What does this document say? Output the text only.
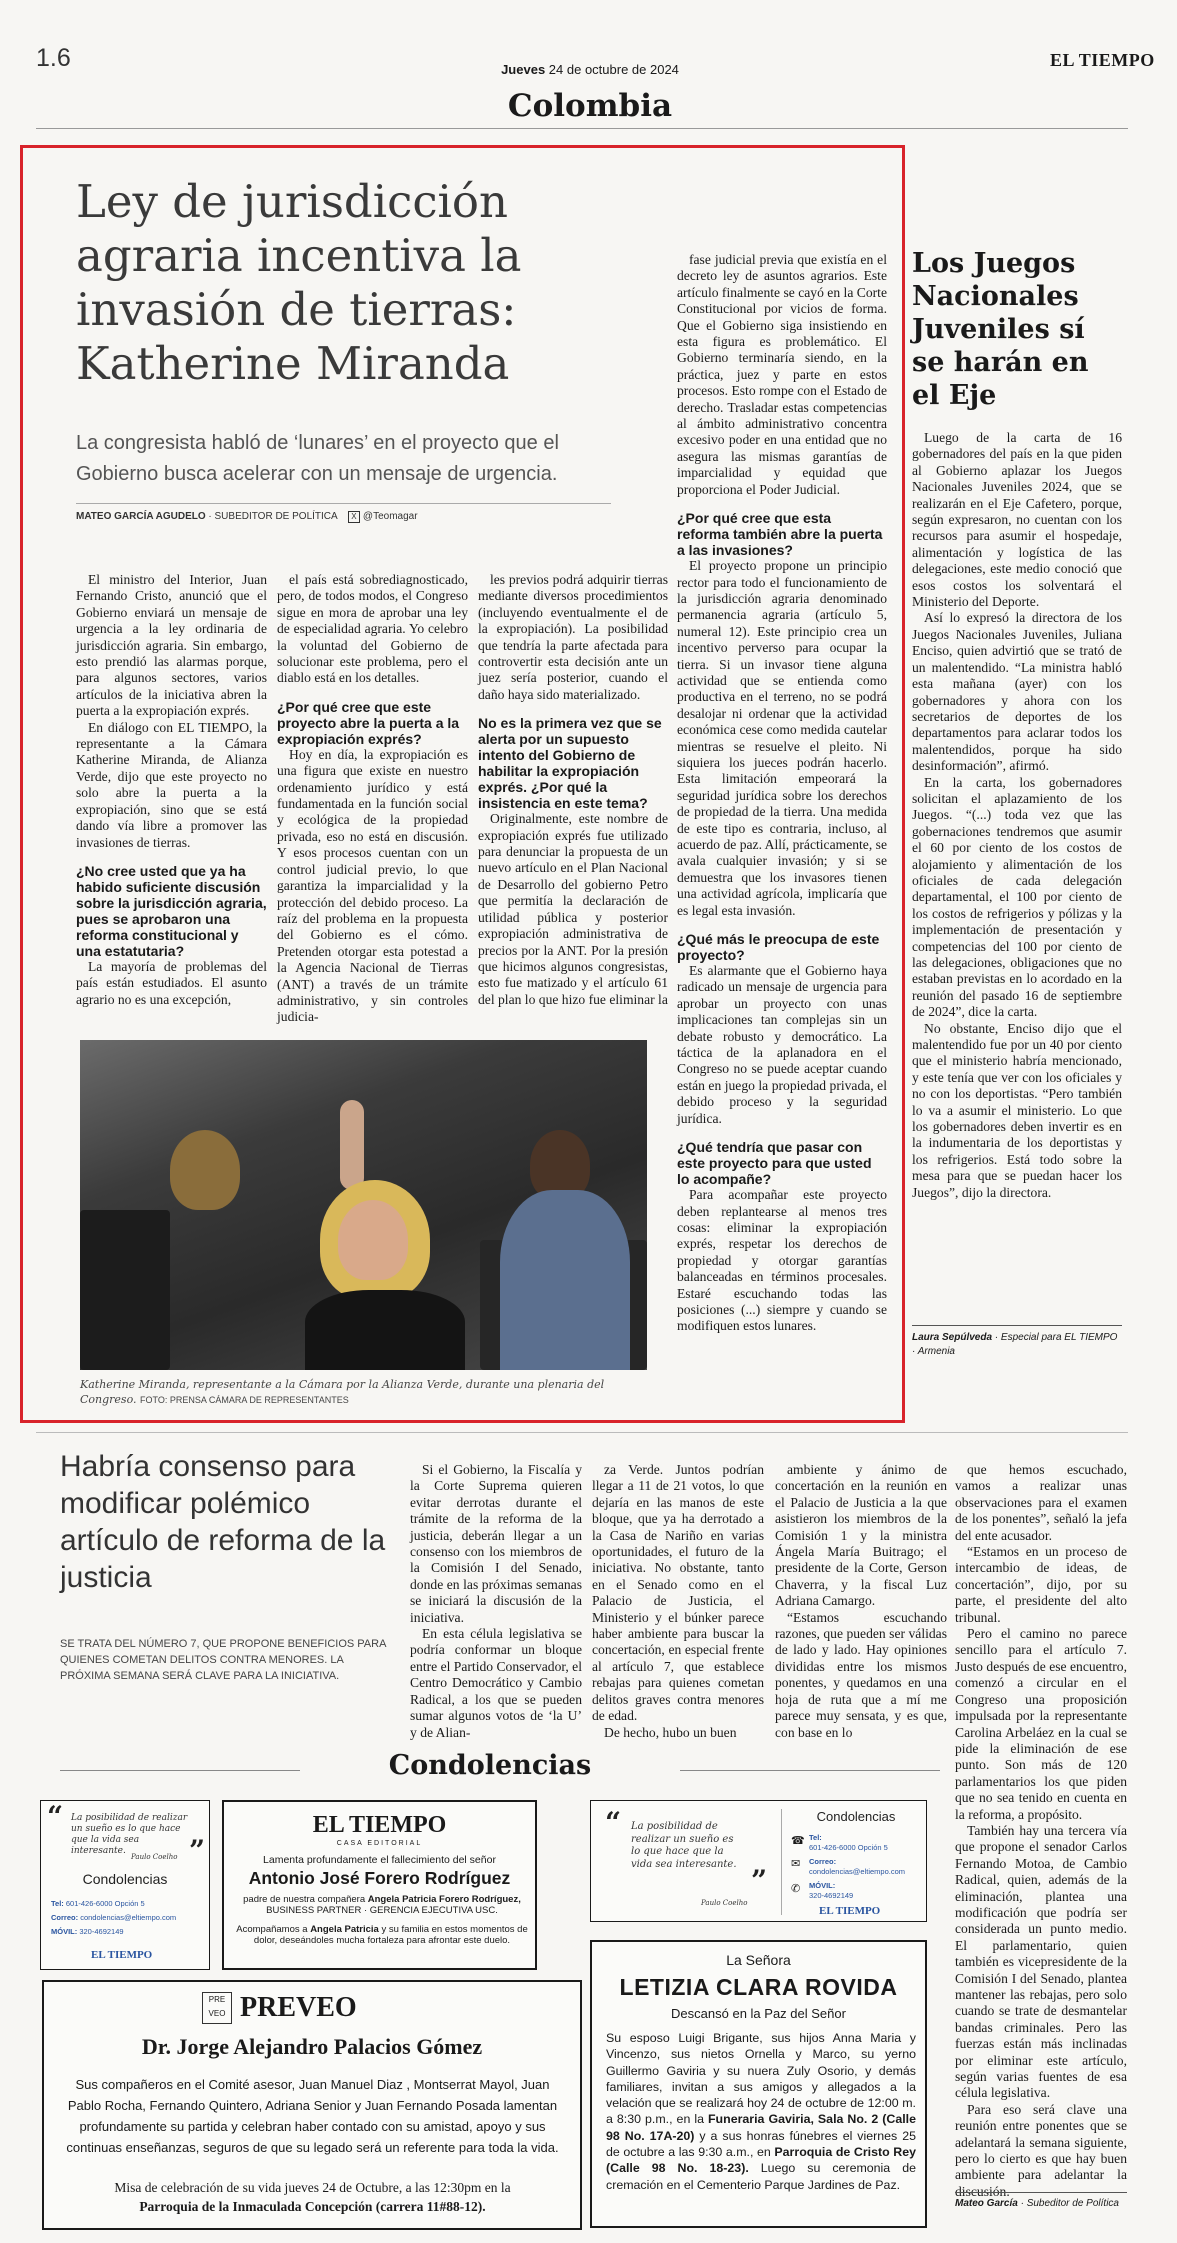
1.6	Jueves 24 de octubre de 2024	EL TIEMPO
Colombia
Ley de jurisdicción agraria incentiva la invasión de tierras: Katherine Miranda
La congresista habló de ‘lunares’ en el proyecto que el Gobierno busca acelerar con un mensaje de urgencia.
MATEO GARCÍA AGUDELO · SUBEDITOR DE POLÍTICA X @Teomagar

El ministro del Interior, Juan Fernando Cristo, anunció que el Gobierno enviará un mensaje de urgencia a la ley ordinaria de jurisdicción agraria. Sin embargo, esto prendió las alarmas porque, para algunos sectores, varios artículos de la iniciativa abren la puerta a la expropiación exprés.

En diálogo con EL TIEMPO, la representante a la Cámara Katherine Miranda, de Alianza Verde, dijo que este proyecto no solo abre la puerta a la expropiación, sino que se está dando vía libre a promover las invasiones de tierras.

¿No cree usted que ya ha habido suficiente discusión sobre la jurisdicción agraria, pues se aprobaron una reforma constitucional y una estatutaria?

La mayoría de problemas del país están estudiados. El asunto agrario no es una excepción,

el país está sobrediagnosticado, pero, de todos modos, el Congreso sigue en mora de aprobar una ley de especialidad agraria. Yo celebro la voluntad del Gobierno de solucionar este problema, pero el diablo está en los detalles.

¿Por qué cree que este proyecto abre la puerta a la expropiación exprés?

Hoy en día, la expropiación es una figura que existe en nuestro ordenamiento jurídico y está fundamentada en la función social y ecológica de la propiedad privada, eso no está en discusión. Y esos procesos cuentan con un control judicial previo, lo que garantiza la imparcialidad y la protección del debido proceso. La raíz del problema en la propuesta del Gobierno es el cómo. Pretenden otorgar esta potestad a la Agencia Nacional de Tierras (ANT) a través de un trámite administrativo, y sin controles judicia-

les previos podrá adquirir tierras mediante diversos procedimientos (incluyendo eventualmente el de la expropiación). La posibilidad que tendría la parte afectada para controvertir esta decisión ante un juez sería posterior, cuando el daño haya sido materializado.

No es la primera vez que se alerta por un supuesto intento del Gobierno de habilitar la expropiación exprés. ¿Por qué la insistencia en este tema?

Originalmente, este nombre de expropiación exprés fue utilizado para denunciar la propuesta de un nuevo artículo en el Plan Nacional de Desarrollo del gobierno Petro que permitía la declaración de utilidad pública y posterior expropiación administrativa de precios por la ANT. Por la presión que hicimos algunos congresistas, esto fue matizado y el artículo 61 del plan lo que hizo fue eliminar la

fase judicial previa que existía en el decreto ley de asuntos agrarios. Este artículo finalmente se cayó en la Corte Constitucional por vicios de forma. Que el Gobierno siga insistiendo en esta figura es problemático. El Gobierno terminaría siendo, en la práctica, juez y parte en estos procesos. Esto rompe con el Estado de derecho. Trasladar estas competencias al ámbito administrativo concentra excesivo poder en una entidad que no asegura las mismas garantías de imparcialidad y equidad que proporciona el Poder Judicial.

¿Por qué cree que esta reforma también abre la puerta a las invasiones?

El proyecto propone un principio rector para todo el funcionamiento de la jurisdicción agraria denominado permanencia agraria (artículo 5, numeral 12). Este principio crea un incentivo perverso para ocupar la tierra. Si un invasor tiene alguna actividad que se entienda como productiva en el terreno, no se podrá desalojar ni ordenar que la actividad económica cese como medida cautelar mientras se resuelve el pleito. Ni siquiera los jueces podrán hacerlo. Esta limitación empeorará la seguridad jurídica sobre los derechos de propiedad de la tierra. Una medida de este tipo es contraria, incluso, al acuerdo de paz. Allí, prácticamente, se avala cualquier invasión; y si se demuestra que los invasores tienen una actividad agrícola, implicaría que es legal esta invasión.

¿Qué más le preocupa de este proyecto?

Es alarmante que el Gobierno haya radicado un mensaje de urgencia para aprobar un proyecto con unas implicaciones tan complejas sin un debate robusto y democrático. La táctica de la aplanadora en el Congreso no se puede aceptar cuando están en juego la propiedad privada, el debido proceso y la seguridad jurídica.

¿Qué tendría que pasar con este proyecto para que usted lo acompañe?

Para acompañar este proyecto deben replantearse al menos tres cosas: eliminar la expropiación exprés, respetar los derechos de propiedad y otorgar garantías balanceadas en términos procesales. Estaré escuchando todas las posiciones (...) siempre y cuando se modifiquen estos lunares.

Katherine Miranda, representante a la Cámara por la Alianza Verde, durante una plenaria del Congreso. FOTO: PRENSA CÁMARA DE REPRESENTANTES
Los Juegos Nacionales Juveniles sí se harán en el Eje

Luego de la carta de 16 gobernadores del país en la que piden al Gobierno aplazar los Juegos Nacionales Juveniles 2024, que se realizarán en el Eje Cafetero, porque, según expresaron, no cuentan con los recursos para asumir el hospedaje, alimentación y logística de las delegaciones, este medio conoció que esos costos los solventará el Ministerio del Deporte.

Así lo expresó la directora de los Juegos Nacionales Juveniles, Juliana Enciso, quien advirtió que se trató de un malentendido. “La ministra habló esta mañana (ayer) con los gobernadores y ahora con los secretarios de deportes de los departamentos para aclarar todos los malentendidos, porque ha sido desinformación”, afirmó.

En la carta, los gobernadores solicitan el aplazamiento de los Juegos. “(...) toda vez que las gobernaciones tendremos que asumir el 60 por ciento de los costos de alojamiento y alimentación de los oficiales de cada delegación departamental, el 100 por ciento de los costos de refrigerios y pólizas y la implementación de presentación y competencias del 100 por ciento de las delegaciones, obligaciones que no estaban previstas en lo acordado en la reunión del pasado 16 de septiembre de 2024”, dice la carta.

No obstante, Enciso dijo que el malentendido fue por un 40 por ciento que el ministerio habría mencionado, y este tenía que ver con los oficiales y no con los deportistas. “Pero también lo va a asumir el ministerio. Lo que los gobernadores deben invertir es en la indumentaria de los deportistas y los refrigerios. Está todo sobre la mesa para que se puedan hacer los Juegos”, dijo la directora.

Laura Sepúlveda · Especial para EL TIEMPO · Armenia
Habría consenso para modificar polémico artículo de reforma de la justicia
SE TRATA DEL NÚMERO 7, QUE PROPONE BENEFICIOS PARA QUIENES COMETAN DELITOS CONTRA MENORES. LA PRÓXIMA SEMANA SERÁ CLAVE PARA LA INICIATIVA.

Si el Gobierno, la Fiscalía y la Corte Suprema quieren evitar derrotas durante el trámite de la reforma de la justicia, deberán llegar a un consenso con los miembros de la Comisión I del Senado, donde en las próximas semanas se iniciará la discusión de la iniciativa.

En esta célula legislativa se podría conformar un bloque entre el Partido Conservador, el Centro Democrático y Cambio Radical, a los que se pueden sumar algunos votos de ‘la U’ y de Alian-

za Verde. Juntos podrían llegar a 11 de 21 votos, lo que dejaría en las manos de este bloque, que ya ha derrotado a la Casa de Nariño en varias oportunidades, el futuro de la iniciativa. No obstante, tanto en el Senado como en el Palacio de Justicia, el Ministerio y el búnker parece haber ambiente para buscar la concertación, en especial frente al artículo 7, que establece rebajas para quienes cometan delitos graves contra menores de edad.

De hecho, hubo un buen

ambiente y ánimo de concertación en la reunión en el Palacio de Justicia a la que asistieron los miembros de la Comisión 1 y la ministra Ángela María Buitrago; el presidente de la Corte, Gerson Chaverra, y la fiscal Luz Adriana Camargo.

“Estamos escuchando razones, que pueden ser válidas de lado y lado. Hay opiniones divididas entre los mismos ponentes, y quedamos en una hoja de ruta que a mí me parece muy sensata, y es que, con base en lo

que hemos escuchado, vamos a realizar unas observaciones para el examen de los ponentes”, señaló la jefa del ente acusador.

“Estamos en un proceso de intercambio de ideas, de concertación”, dijo, por su parte, el presidente del alto tribunal.

Pero el camino no parece sencillo para el artículo 7. Justo después de ese encuentro, comenzó a circular en el Congreso una proposición impulsada por la representante Carolina Arbeláez en la cual se pide la eliminación de ese punto. Son más de 120 parlamentarios los que piden que no sea tenido en cuenta en la reforma, a propósito.

También hay una tercera vía que propone el senador Carlos Fernando Motoa, de Cambio Radical, quien, además de la eliminación, plantea una modificación que podría ser considerada un punto medio. El parlamentario, quien también es vicepresidente de la Comisión I del Senado, plantea mantener las rebajas, pero solo cuando se trate de desmantelar bandas criminales. Pero las fuerzas están más inclinadas por eliminar este artículo, según varias fuentes de esa célula legislativa.

Para eso será clave una reunión entre ponentes que se adelantará la semana siguiente, pero lo cierto es que hay buen ambiente para adelantar la discusión.

Mateo García · Subeditor de Política
Condolencias
“ La posibilidad de realizar un sueño es lo que hace que la vida sea interesante.	”
Paulo Coelho
Condolencias
Tel: 601-426-6000 Opción 5
Correo: condolencias@eltiempo.com
MÓVIL: 320-4692149
EL TIEMPO
EL TIEMPO
CASA EDITORIAL
Lamenta profundamente el fallecimiento del señor
Antonio José Forero Rodríguez
padre de nuestra compañera Angela Patricia Forero Rodríguez,
BUSINESS PARTNER · GERENCIA EJECUTIVA USC.
Acompañamos a Angela Patricia y su familia en estos momentos de dolor, deseándoles mucha fortaleza para afrontar este duelo.
“ La posibilidad de realizar un sueño es lo que hace que la vida sea interesante. ”
Paulo Coelho
Condolencias
☎ Tel:
601-426-6000 Opción 5
✉	Correo:
condolencias@eltiempo.com
✆	MÓVIL:
320-4692149
EL TIEMPO
PRE VEO PREVEO
Dr. Jorge Alejandro Palacios Gómez
Sus compañeros en el Comité asesor, Juan Manuel Diaz , Montserrat Mayol, Juan Pablo Rocha, Fernando Quintero, Adriana Senior y Juan Fernando Posada lamentan profundamente su partida y celebran haber contado con su amistad, apoyo y sus continuas enseñanzas, seguros de que su legado será un referente para toda la vida.
Misa de celebración de su vida jueves 24 de Octubre, a las 12:30pm en la
Parroquia de la Inmaculada Concepción (carrera 11#88-12).
La Señora
LETIZIA CLARA ROVIDA
Descansó en la Paz del Señor
Su esposo Luigi Brigante, sus hijos Anna Maria y Vincenzo, sus nietos Ornella y Marco, su yerno Guillermo Gaviria y su nuera Zuly Osorio, y demás familiares, invitan a sus amigos y allegados a la velación que se realizará hoy 24 de octubre de 12:00 m. a 8:30 p.m., en la Funeraria Gaviria, Sala No. 2 (Calle 98 No. 17A-20) y a sus honras fúnebres el viernes 25 de octubre a las 9:30 a.m., en Parroquia de Cristo Rey (Calle 98 No. 18-23). Luego su ceremonia de cremación en el Cementerio Parque Jardines de Paz.
